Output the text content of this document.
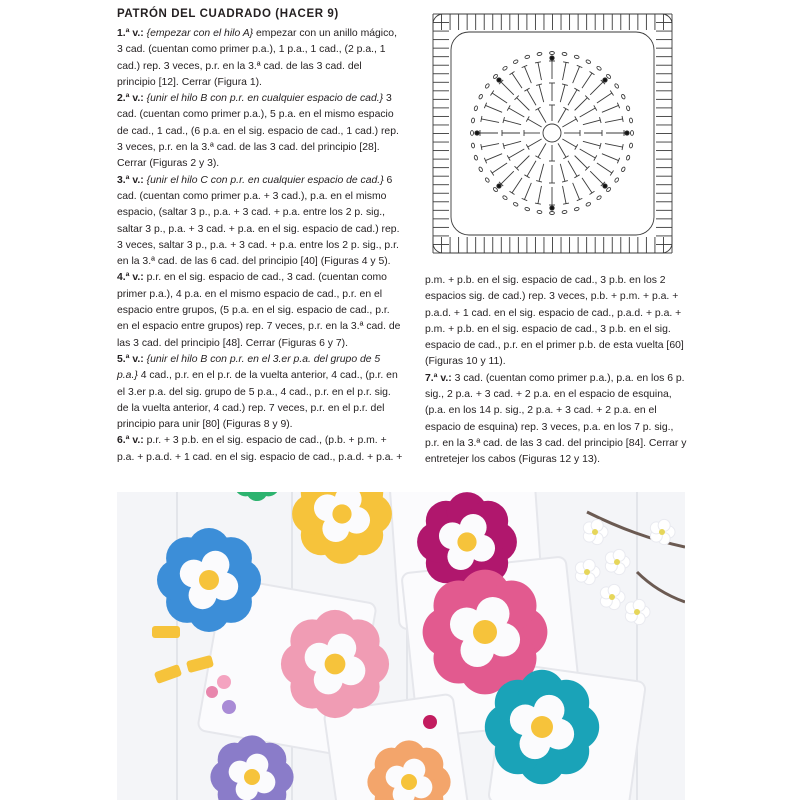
PATRÓN DEL CUADRADO (HACER 9)

1.ª v.: {empezar con el hilo A} empezar con un anillo mágico, 3 cad. (cuentan como primer p.a.), 1 p.a., 1 cad., (2 p.a., 1 cad.) rep. 3 veces, p.r. en la 3.ª cad. de las 3 cad. del principio [12]. Cerrar (Figura 1).

2.ª v.: {unir el hilo B con p.r. en cualquier espacio de cad.} 3 cad. (cuentan como primer p.a.), 5 p.a. en el mismo espacio de cad., 1 cad., (6 p.a. en el sig. espacio de cad., 1 cad.) rep. 3 veces, p.r. en la 3.ª cad. de las 3 cad. del principio [28]. Cerrar (Figuras 2 y 3).

3.ª v.: {unir el hilo C con p.r. en cualquier espacio de cad.} 6 cad. (cuentan como primer p.a. + 3 cad.), p.a. en el mismo espacio, (saltar 3 p., p.a. + 3 cad. + p.a. entre los 2 p. sig., saltar 3 p., p.a. + 3 cad. + p.a. en el sig. espacio de cad.) rep. 3 veces, saltar 3 p., p.a. + 3 cad. + p.a. entre los 2 p. sig., p.r. en la 3.ª cad. de las 6 cad. del principio [40] (Figuras 4 y 5).

4.ª v.: p.r. en el sig. espacio de cad., 3 cad. (cuentan como primer p.a.), 4 p.a. en el mismo espacio de cad., p.r. en el espacio entre grupos, (5 p.a. en el sig. espacio de cad., p.r. en el espacio entre grupos) rep. 7 veces, p.r. en la 3.ª cad. de las 3 cad. del principio [48]. Cerrar (Figuras 6 y 7).

5.ª v.: {unir el hilo B con p.r. en el 3.er p.a. del grupo de 5 p.a.} 4 cad., p.r. en el p.r. de la vuelta anterior, 4 cad., (p.r. en el 3.er p.a. del sig. grupo de 5 p.a., 4 cad., p.r. en el p.r. sig. de la vuelta anterior, 4 cad.) rep. 7 veces, p.r. en el p.r. del principio para unir [80] (Figuras 8 y 9).

6.ª v.: p.r. + 3 p.b. en el sig. espacio de cad., (p.b. + p.m. + p.a. + p.a.d. + 1 cad. en el sig. espacio de cad., p.a.d. + p.a. +

p.m. + p.b. en el sig. espacio de cad., 3 p.b. en los 2 espacios sig. de cad.) rep. 3 veces, p.b. + p.m. + p.a. + p.a.d. + 1 cad. en el sig. espacio de cad., p.a.d. + p.a. + p.m. + p.b. en el sig. espacio de cad., 3 p.b. en el sig. espacio de cad., p.r. en el primer p.b. de esta vuelta [60] (Figuras 10 y 11).

7.ª v.: 3 cad. (cuentan como primer p.a.), p.a. en los 6 p. sig., 2 p.a. + 3 cad. + 2 p.a. en el espacio de esquina, (p.a. en los 14 p. sig., 2 p.a. + 3 cad. + 2 p.a. en el espacio de esquina) rep. 3 veces, p.a. en los 7 p. sig., p.r. en la 3.ª cad. de las 3 cad. del principio [84]. Cerrar y entretejer los cabos (Figuras 12 y 13).
